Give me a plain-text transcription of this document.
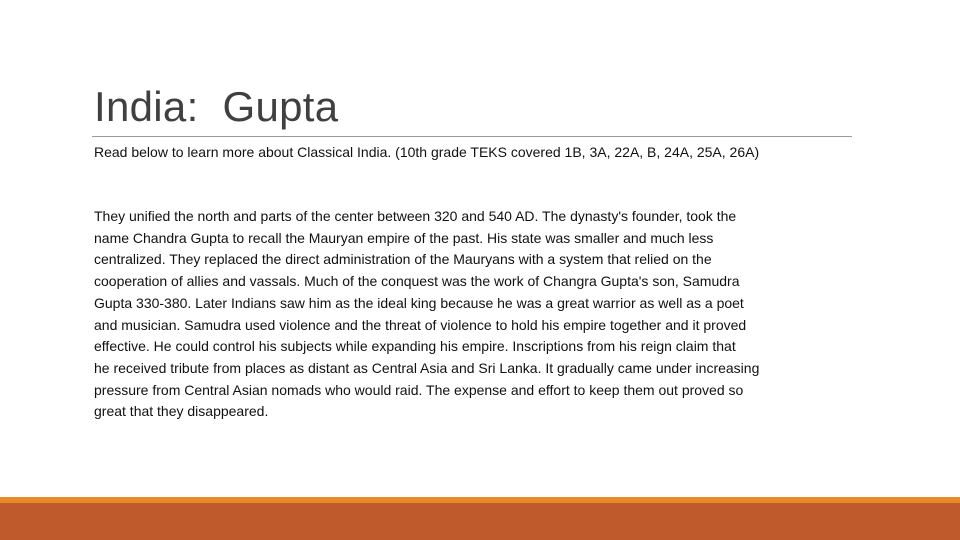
India:  Gupta
Read below to learn more about Classical India. (10th grade TEKS covered 1B, 3A, 22A, B, 24A, 25A, 26A)
They unified the north and parts of the center between 320 and 540 AD. The dynasty's founder, took the
name Chandra Gupta to recall the Mauryan empire of the past. His state was smaller and much less
centralized. They replaced the direct administration of the Mauryans with a system that relied on the
cooperation of allies and vassals. Much of the conquest was the work of Changra Gupta's son, Samudra
Gupta 330-380. Later Indians saw him as the ideal king because he was a great warrior as well as a poet
and musician. Samudra used violence and the threat of violence to hold his empire together and it proved
effective. He could control his subjects while expanding his empire. Inscriptions from his reign claim that
he received tribute from places as distant as Central Asia and Sri Lanka. It gradually came under increasing
pressure from Central Asian nomads who would raid. The expense and effort to keep them out proved so
great that they disappeared.
